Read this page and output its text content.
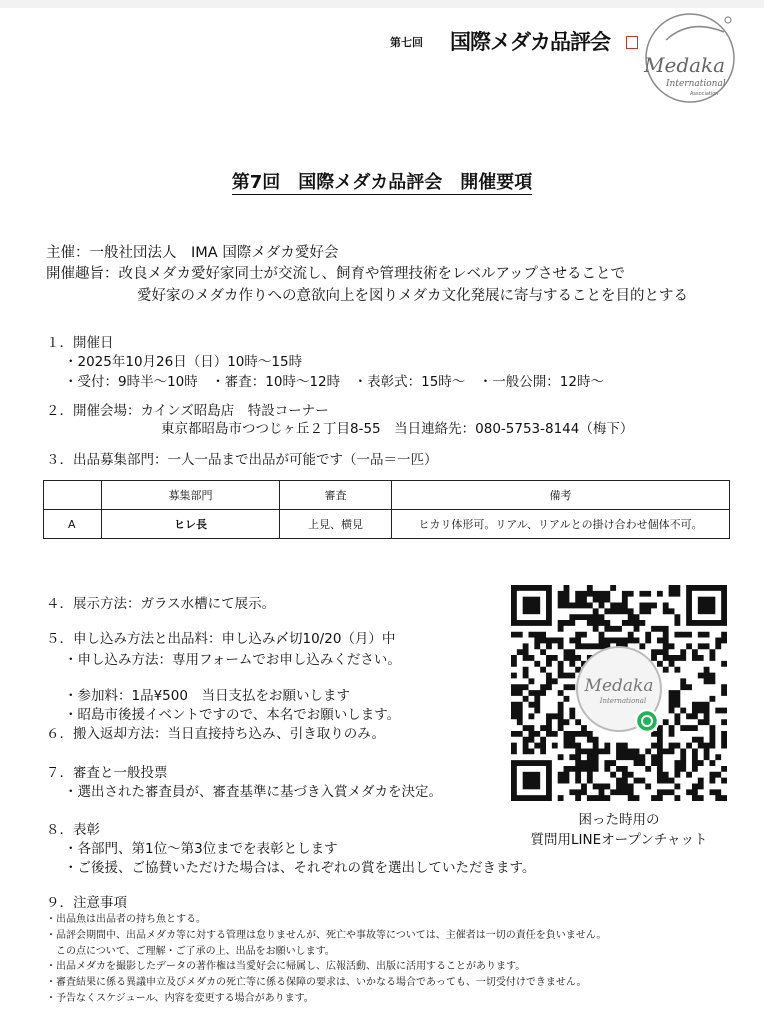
第七回 国際メダカ品評会
Medaka
International
Association
第7回　国際メダカ品評会　開催要項
主催：一般社団法人　IMA 国際メダカ愛好会
開催趣旨：改良メダカ愛好家同士が交流し、飼育や管理技術をレベルアップさせることで
愛好家のメダカ作りへの意欲向上を図りメダカ文化発展に寄与することを目的とする
１．開催日
・2025年10月26日（日）10時～15時
・受付：9時半～10時　・審査：10時～12時　・表彰式：15時～　・一般公開：12時～
２．開催会場：カインズ昭島店　特設コーナー
東京都昭島市つつじヶ丘２丁目8-55　当日連絡先：080-5753-8144（梅下）
３．出品募集部門：一人一品まで出品が可能です（一品＝一匹）
	募集部門	審査	備考
A	ヒレ長	上見、横見	ヒカリ体形可。リアル、リアルとの掛け合わせ個体不可。
４．展示方法：ガラス水槽にて展示。
５．申し込み方法と出品料：申し込み〆切10/20（月）中
・申し込み方法：専用フォームでお申し込みください。
・参加料：1品¥500　当日支払をお願いします
・昭島市後援イベントですので、本名でお願いします。
６．搬入返却方法：当日直接持ち込み、引き取りのみ。
７．審査と一般投票
・選出された審査員が、審査基準に基づき入賞メダカを決定。
８．表彰
・各部門、第1位～第3位までを表彰とします
・ご後援、ご協賛いただけた場合は、それぞれの賞を選出していただきます。
９．注意事項
・出品魚は出品者の持ち魚とする。
・品評会期間中、出品メダカ等に対する管理は怠りませんが、死亡や事故等については、主催者は一切の責任を負いません。
　この点について、ご理解・ご了承の上、出品をお願いします。
・出品メダカを撮影したデータの著作権は当愛好会に帰属し、広報活動、出版に活用することがあります。
・審査結果に係る異議申立及びメダカの死亡等に係る保障の要求は、いかなる場合であっても、一切受付けできません。
・予告なくスケジュール、内容を変更する場合があります。
Medaka
International
困った時用の
質問用LINEオープンチャット
